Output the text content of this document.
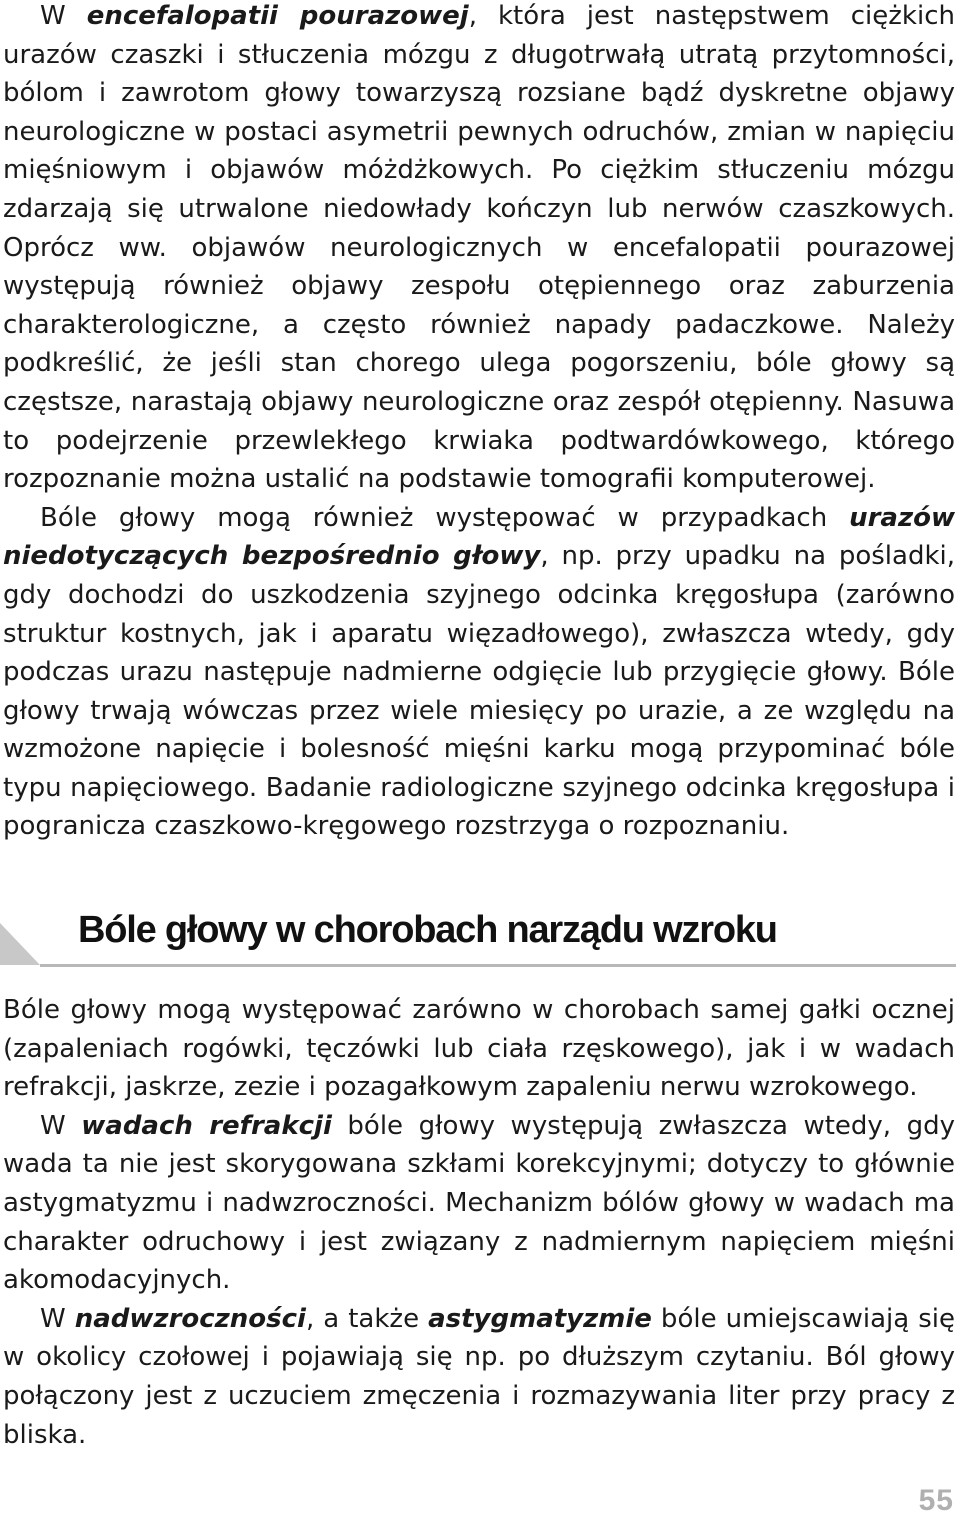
W encefalopatii pourazowej, która jest następstwem ciężkich urazów czaszki i stłuczenia mózgu z długotrwałą utratą przytomności, bólom i zawrotom głowy towarzyszą rozsiane bądź dyskretne objawy neurologiczne w postaci asymetrii pewnych odruchów, zmian w napięciu mięśniowym i objawów móżdżkowych. Po ciężkim stłuczeniu mózgu zdarzają się utrwalone niedowłady kończyn lub nerwów czaszkowych. Oprócz ww. objawów neurologicznych w encefalopatii pourazowej występują również objawy zespołu otępiennego oraz zaburzenia charakterologiczne, a często również napady padaczkowe. Należy podkreślić, że jeśli stan chorego ulega pogorszeniu, bóle głowy są częstsze, narastają objawy neurologiczne oraz zespół otępienny. Nasuwa to podejrzenie przewlekłego krwiaka podtwardówkowego, którego rozpoznanie można ustalić na podstawie tomografii komputerowej.

Bóle głowy mogą również występować w przypadkach urazów niedotyczących bezpośrednio głowy, np. przy upadku na pośladki, gdy dochodzi do uszkodzenia szyjnego odcinka kręgosłupa (zarówno struktur kostnych, jak i aparatu więzadłowego), zwłaszcza wtedy, gdy podczas urazu następuje nadmierne odgięcie lub przygięcie głowy. Bóle głowy trwają wówczas przez wiele miesięcy po urazie, a ze względu na wzmożone napięcie i bolesność mięśni karku mogą przypominać bóle typu napięciowego. Badanie radiologiczne szyjnego odcinka kręgosłupa i pogranicza czaszkowo-kręgowego rozstrzyga o rozpoznaniu.

Bóle głowy w chorobach narządu wzroku

Bóle głowy mogą występować zarówno w chorobach samej gałki ocznej (zapaleniach rogówki, tęczówki lub ciała rzęskowego), jak i w wadach refrakcji, jaskrze, zezie i pozagałkowym zapaleniu nerwu wzrokowego.

W wadach refrakcji bóle głowy występują zwłaszcza wtedy, gdy wada ta nie jest skorygowana szkłami korekcyjnymi; dotyczy to głównie astygmatyzmu i nadwzroczności. Mechanizm bólów głowy w wadach ma charakter odruchowy i jest związany z nadmiernym napięciem mięśni akomodacyjnych.

W nadwzroczności, a także astygmatyzmie bóle umiejscawiają się w okolicy czołowej i pojawiają się np. po dłuższym czytaniu. Ból głowy połączony jest z uczuciem zmęczenia i rozmazywania liter przy pracy z bliska.

55
